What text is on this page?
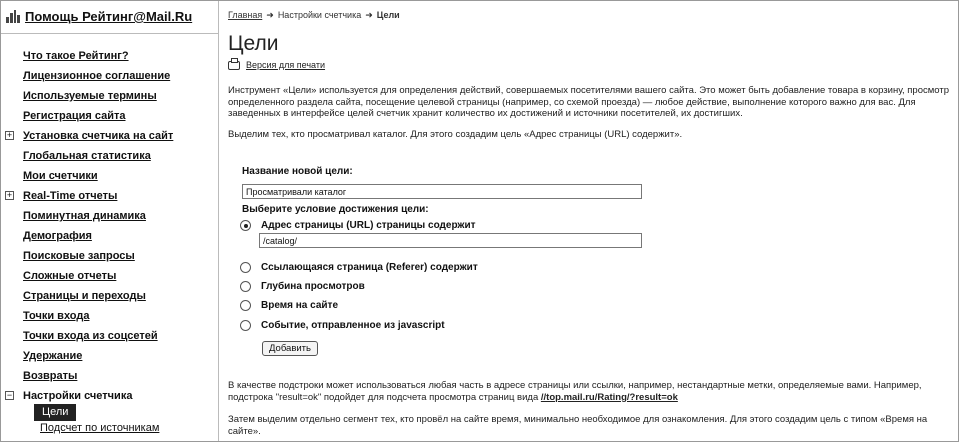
Помощь Рейтинг@Mail.Ru
Что такое Рейтинг?
Лицензионное соглашение
Используемые термины
Регистрация сайта
+ Установка счетчика на сайт
Глобальная статистика
Мои счетчики
+ Real-Time отчеты
Поминутная динамика
Демография
Поисковые запросы
Сложные отчеты
Страницы и переходы
Точки входа
Точки входа из соцсетей
Удержание
Возвраты
− Настройки счетчика
Цели
Подсчет по источникам
Главная ➜ Настройки счетчика ➜ Цели
Цели
Версия для печати
Инструмент «Цели» используется для определения действий, совершаемых посетителями вашего сайта. Это может быть добавление товара в корзину, просмотр определенного раздела сайта, посещение целевой страницы (например, со схемой проезда) — любое действие, выполнение которого важно для вас. Для заведенных в интерфейсе целей счетчик хранит количество их достижений и источники посетителей, их достигших.
Выделим тех, кто просматривал каталог. Для этого создадим цель «Адрес страницы (URL) содержит».
Название новой цели:
Просматривали каталог
Выберите условие достижения цели:
Адрес страницы (URL) страницы содержит
/catalog/
Ссылающаяся страница (Referer) содержит
Глубина просмотров
Время на сайте
Событие, отправленное из javascript
Добавить
В качестве подстроки может использоваться любая часть в адресе страницы или ссылки, например, нестандартные метки, определяемые вами. Например, подстрока "result=ok" подойдет для подсчета просмотра страниц вида //top.mail.ru/Rating/?result=ok
Затем выделим отдельно сегмент тех, кто провёл на сайте время, минимально необходимое для ознакомления. Для этого создадим цель с типом «Время на сайте».
